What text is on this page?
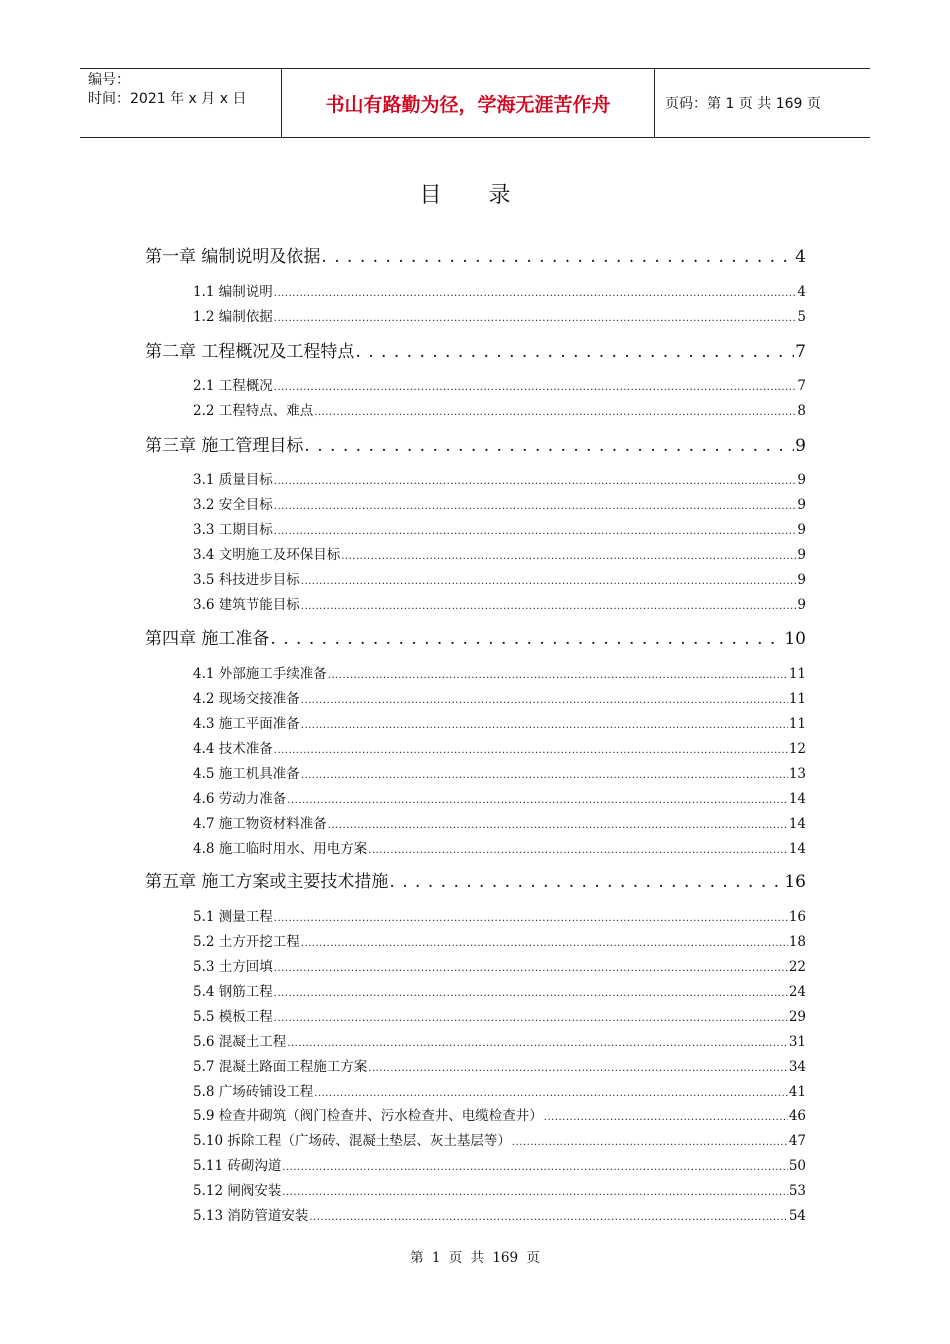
编号：
时间：2021 年 x 月 x 日	书山有路勤为径，学海无涯苦作舟	页码：第 1 页 共 169 页
目 录
第一章 编制说明及依据 . . .	4
1.1 编制说明 .....	4
1.2 编制依据 .....	5
第二章 工程概况及工程特点 . . .	7
2.1 工程概况 .....	7
2.2 工程特点、难点 .....	8
第三章 施工管理目标 . . .	9
3.1 质量目标 .....	9
3.2 安全目标 .....	9
3.3 工期目标 .....	9
3.4 文明施工及环保目标 .....	9
3.5 科技进步目标 .....	9
3.6 建筑节能目标 .....	9
第四章 施工准备 . . .	10
4.1 外部施工手续准备 .....	11
4.2 现场交接准备 .....	11
4.3 施工平面准备 .....	11
4.4 技术准备 .....	12
4.5 施工机具准备 .....	13
4.6 劳动力准备 .....	14
4.7 施工物资材料准备 .....	14
4.8 施工临时用水、用电方案 .....	14
第五章 施工方案或主要技术措施 . . .	16
5.1 测量工程 .....	16
5.2 土方开挖工程 .....	18
5.3 土方回填 .....	22
5.4 钢筋工程 .....	24
5.5 模板工程 .....	29
5.6 混凝土工程 .....	31
5.7 混凝土路面工程施工方案 .....	34
5.8 广场砖铺设工程 .....	41
5.9 检查井砌筑（阀门检查井、污水检查井、电缆检查井） .....	46
5.10 拆除工程（广场砖、混凝土垫层、灰土基层等） .....	47
5.11 砖砌沟道 .....	50
5.12 闸阀安装 .....	53
5.13 消防管道安装 .....	54
第 1 页 共 169 页
